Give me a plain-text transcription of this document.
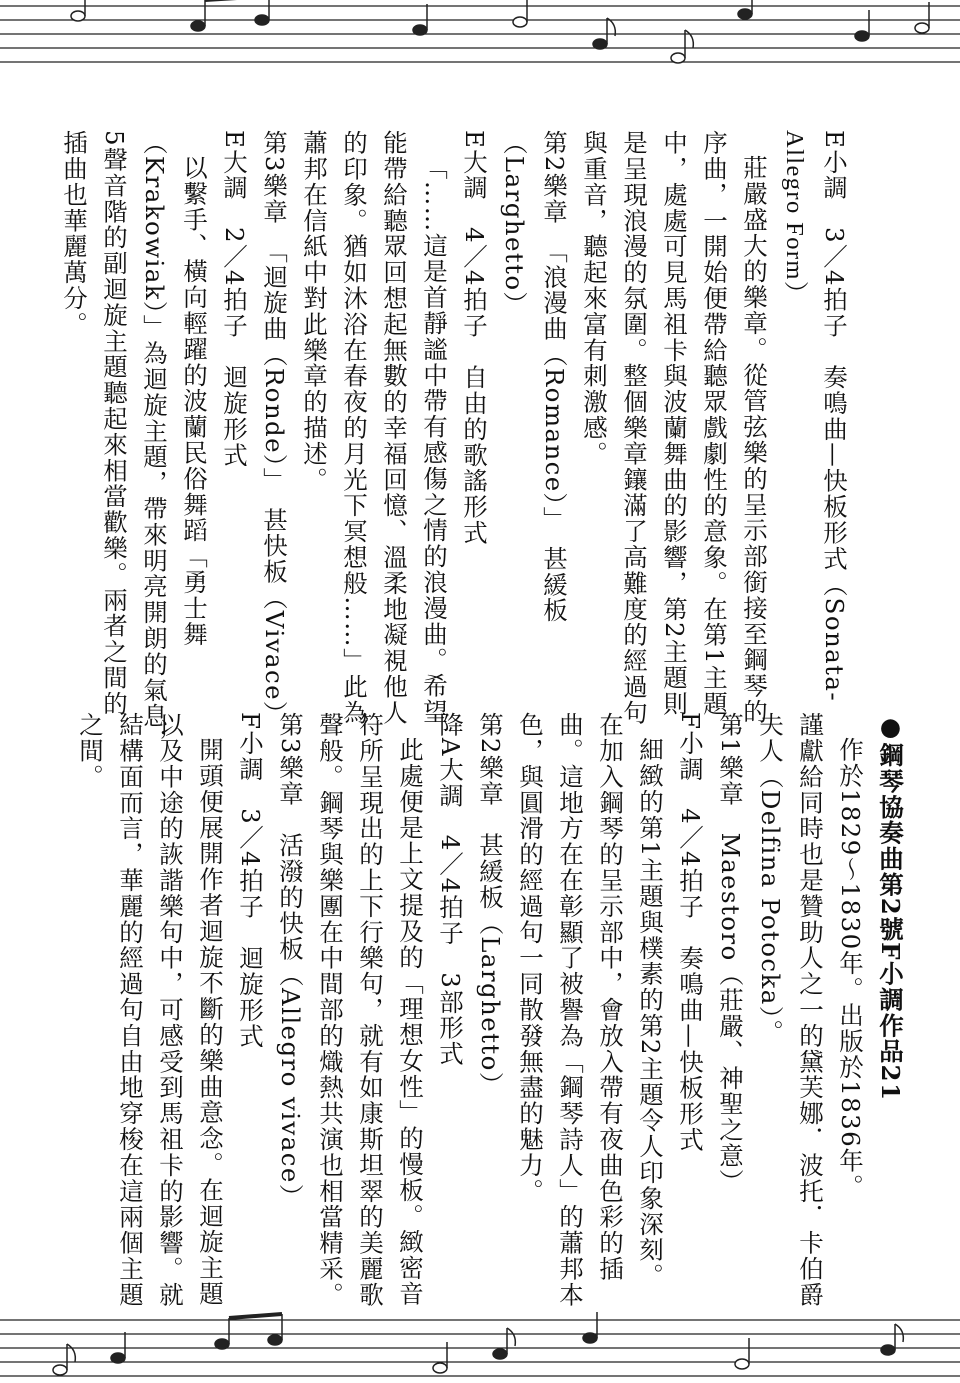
E小調　3／4拍子　奏鳴曲—快板形式（Sonata-
Allegro Form）
莊嚴盛大的樂章。從管弦樂的呈示部銜接至鋼琴的
序曲，一開始便帶給聽眾戲劇性的意象。在第1主題
中，處處可見馬祖卡與波蘭舞曲的影響，第2主題則
是呈現浪漫的氛圍。整個樂章鑲滿了高難度的經過句
與重音，聽起來富有刺激感。
第2樂章　「浪漫曲（Romance）」　甚緩板
（Larghetto）
E大調　4／4拍子　自由的歌謠形式
「……這是首靜謐中帶有感傷之情的浪漫曲。希望
能帶給聽眾回想起無數的幸福回憶、溫柔地凝視他人
的印象。猶如沐浴在春夜的月光下冥想般……」此為
蕭邦在信紙中對此樂章的描述。
第3樂章　「迴旋曲（Ronde）」　甚快板（Vivace）
E大調　2／4拍子　迴旋形式
以繫手、橫向輕躍的波蘭民俗舞蹈「勇士舞
（Krakowiak）」為迴旋主題，帶來明亮開朗的氣息，
5聲音階的副迴旋主題聽起來相當歡樂。兩者之間的
插曲也華麗萬分。
●鋼琴協奏曲第2號F小調作品21
作於1829〜1830年。出版於1836年。
謹獻給同時也是贊助人之一的黛芙娜．波托．卡伯爵
夫人（Delfina Potocka）。
第1樂章　Maestoro（莊嚴、神聖之意）
F小調　4／4拍子　奏鳴曲—快板形式
細緻的第1主題與樸素的第2主題令人印象深刻。
在加入鋼琴的呈示部中，會放入帶有夜曲色彩的插
曲。這地方在在彰顯了被譽為「鋼琴詩人」的蕭邦本
色，與圓滑的經過句一同散發無盡的魅力。
第2樂章　甚緩板（Larghetto）
降A大調　4／4拍子　3部形式
此處便是上文提及的「理想女性」的慢板。緻密音
符所呈現出的上下行樂句，就有如康斯坦翠的美麗歌
聲般。鋼琴與樂團在中間部的熾熱共演也相當精采。
第3樂章　活潑的快板（Allegro vivace）
F小調　3／4拍子　迴旋形式
開頭便展開作者迴旋不斷的樂曲意念。在迴旋主題
以及中途的詼諧樂句中，可感受到馬祖卡的影響。就
結構面而言，華麗的經過句自由地穿梭在這兩個主題
之間。
